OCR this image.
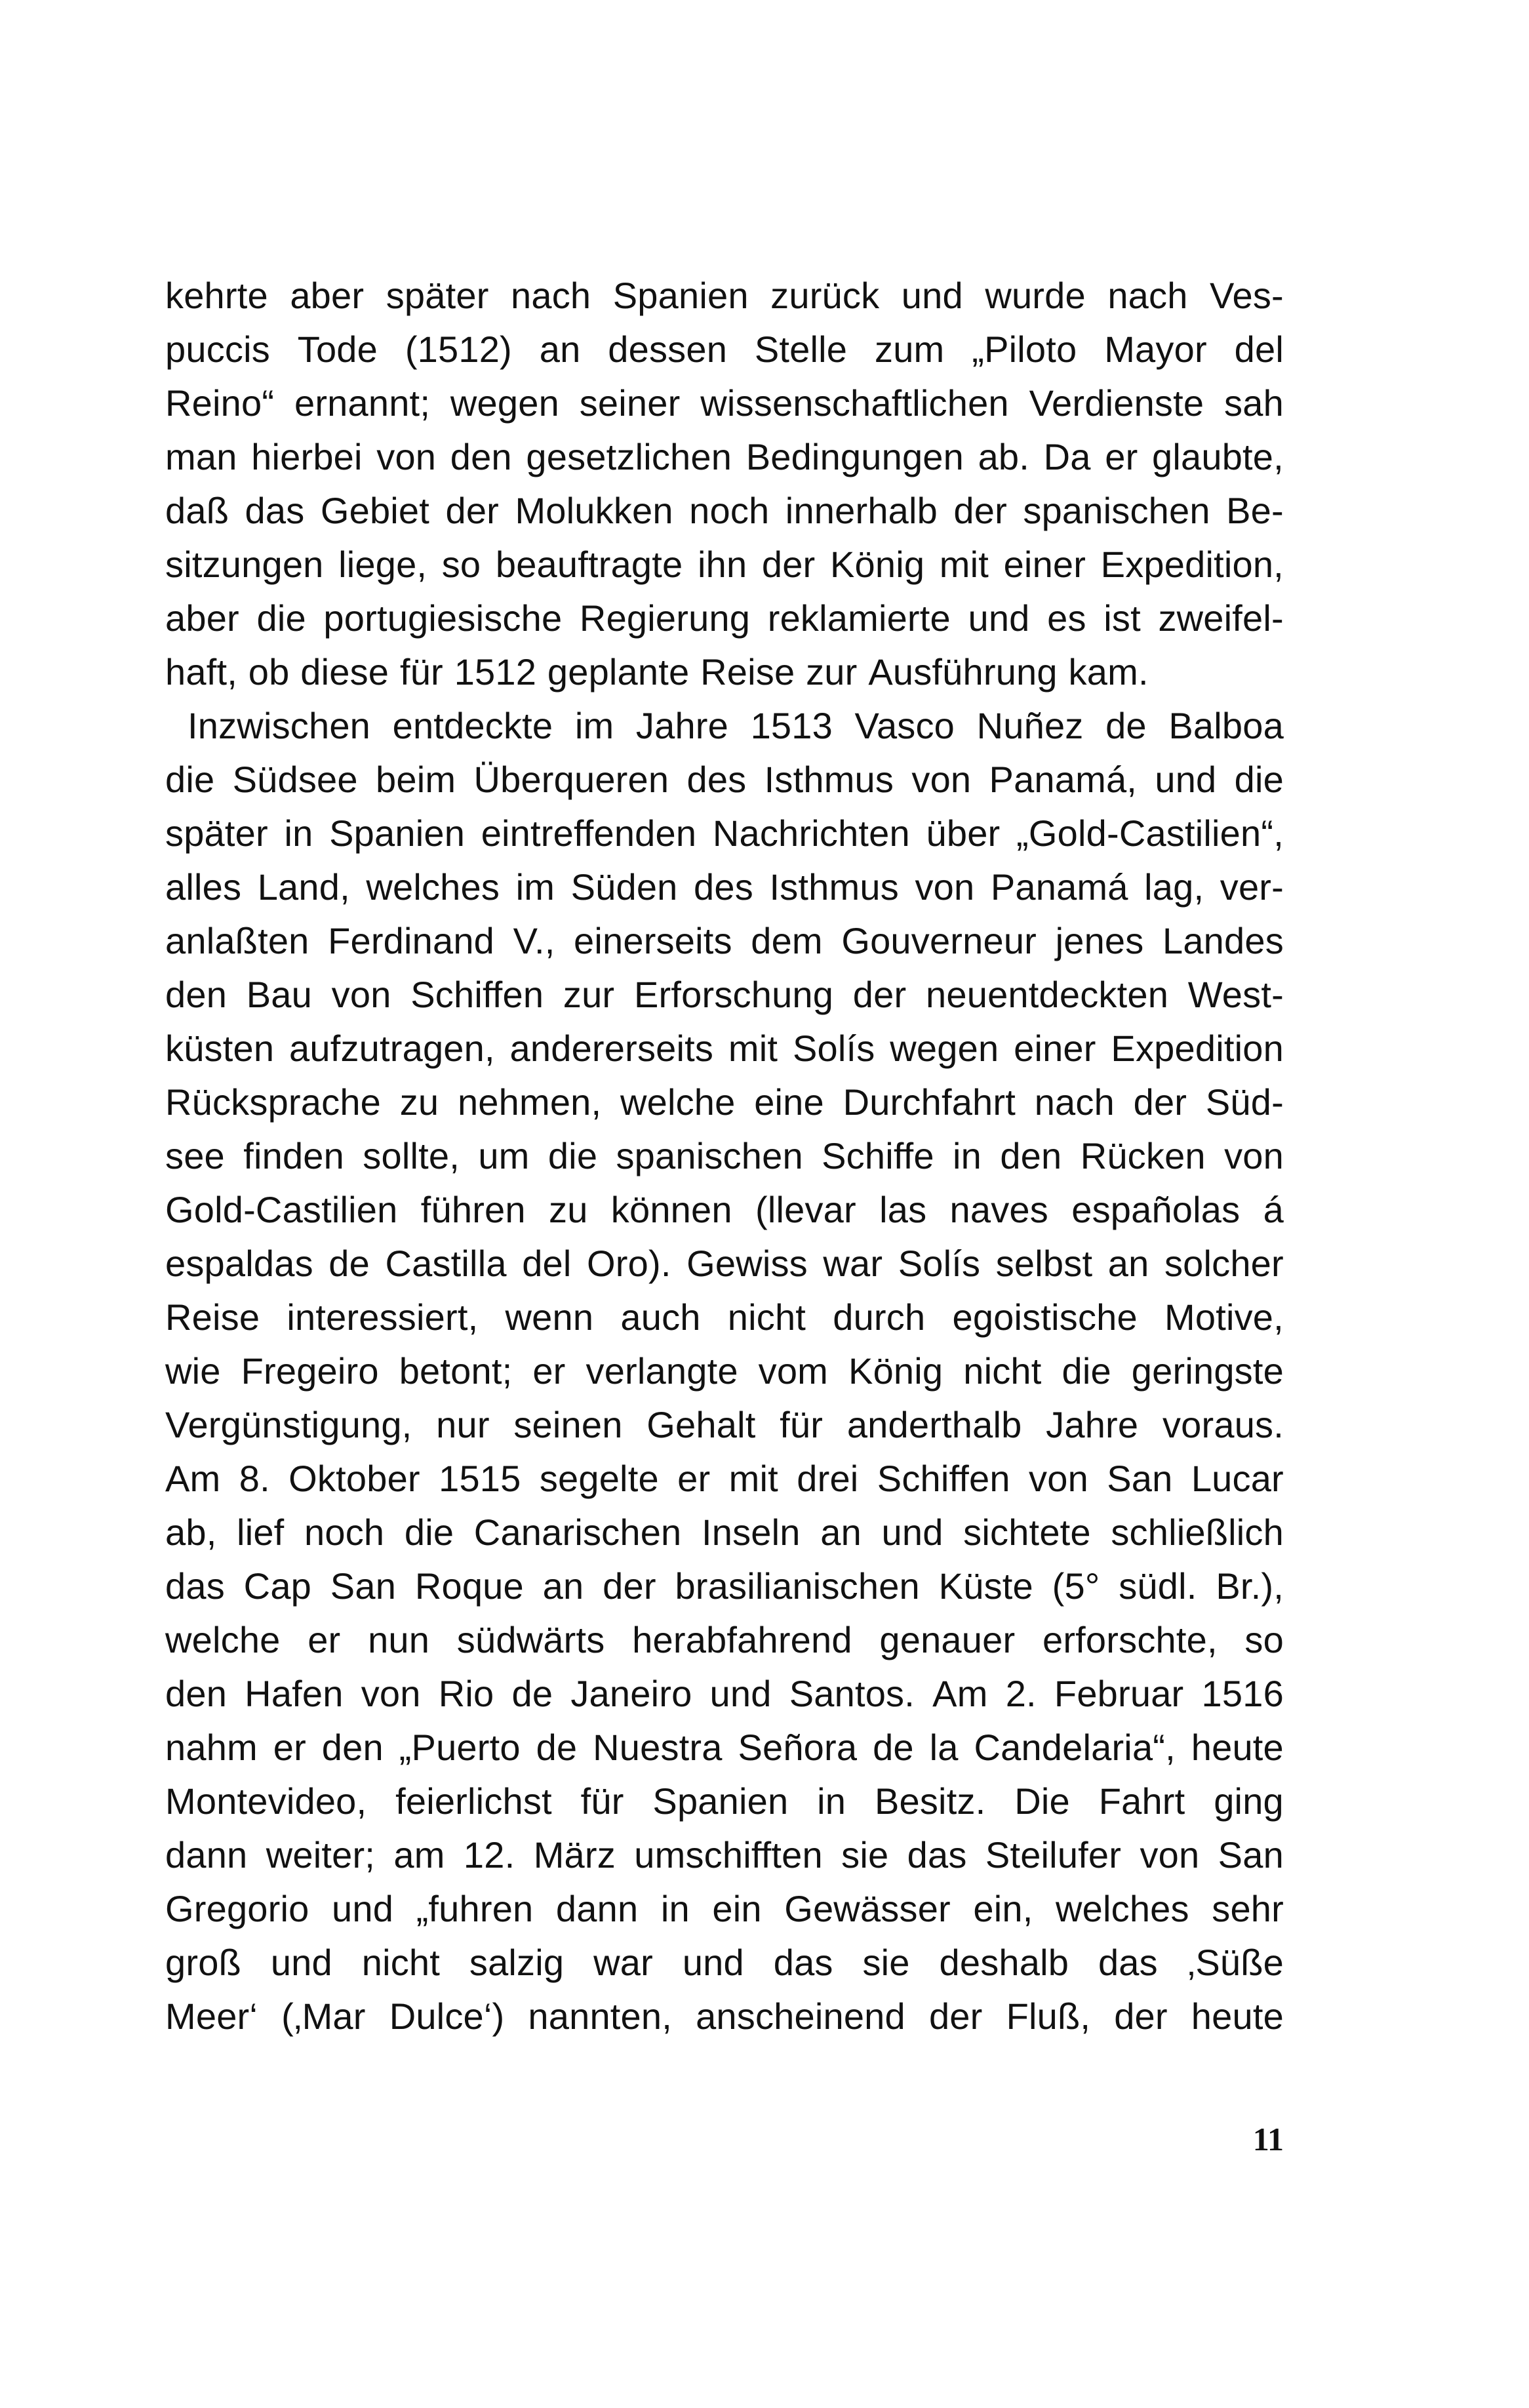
kehrte aber später nach Spanien zurück und wurde nach Ves-
puccis Tode (1512) an dessen Stelle zum „Piloto Mayor del
Reino“ ernannt; wegen seiner wissenschaftlichen Verdienste sah
man hierbei von den gesetzlichen Bedingungen ab. Da er glaubte,
daß das Gebiet der Molukken noch innerhalb der spanischen Be-
sitzungen liege, so beauftragte ihn der König mit einer Expedition,
aber die portugiesische Regierung reklamierte und es ist zweifel-
haft, ob diese für 1512 geplante Reise zur Ausführung kam.
Inzwischen entdeckte im Jahre 1513 Vasco Nuñez de Balboa
die Südsee beim Überqueren des Isthmus von Panamá, und die
später in Spanien eintreffenden Nachrichten über „Gold-Castilien“,
alles Land, welches im Süden des Isthmus von Panamá lag, ver-
anlaßten Ferdinand V., einerseits dem Gouverneur jenes Landes
den Bau von Schiffen zur Erforschung der neuentdeckten West-
küsten aufzutragen, andererseits mit Solís wegen einer Expedition
Rücksprache zu nehmen, welche eine Durchfahrt nach der Süd-
see finden sollte, um die spanischen Schiffe in den Rücken von
Gold-Castilien führen zu können (llevar las naves españolas á
espaldas de Castilla del Oro). Gewiss war Solís selbst an solcher
Reise interessiert, wenn auch nicht durch egoistische Motive,
wie Fregeiro betont; er verlangte vom König nicht die geringste
Vergünstigung, nur seinen Gehalt für anderthalb Jahre voraus.
Am 8. Oktober 1515 segelte er mit drei Schiffen von San Lucar
ab, lief noch die Canarischen Inseln an und sichtete schließlich
das Cap San Roque an der brasilianischen Küste (5° südl. Br.),
welche er nun südwärts herabfahrend genauer erforschte, so
den Hafen von Rio de Janeiro und Santos. Am 2. Februar 1516
nahm er den „Puerto de Nuestra Señora de la Candelaria“, heute
Montevideo, feierlichst für Spanien in Besitz. Die Fahrt ging
dann weiter; am 12. März umschifften sie das Steilufer von San
Gregorio und „fuhren dann in ein Gewässer ein, welches sehr
groß und nicht salzig war und das sie deshalb das ‚Süße
Meer‘ (‚Mar Dulce‘) nannten, anscheinend der Fluß, der heute
11
